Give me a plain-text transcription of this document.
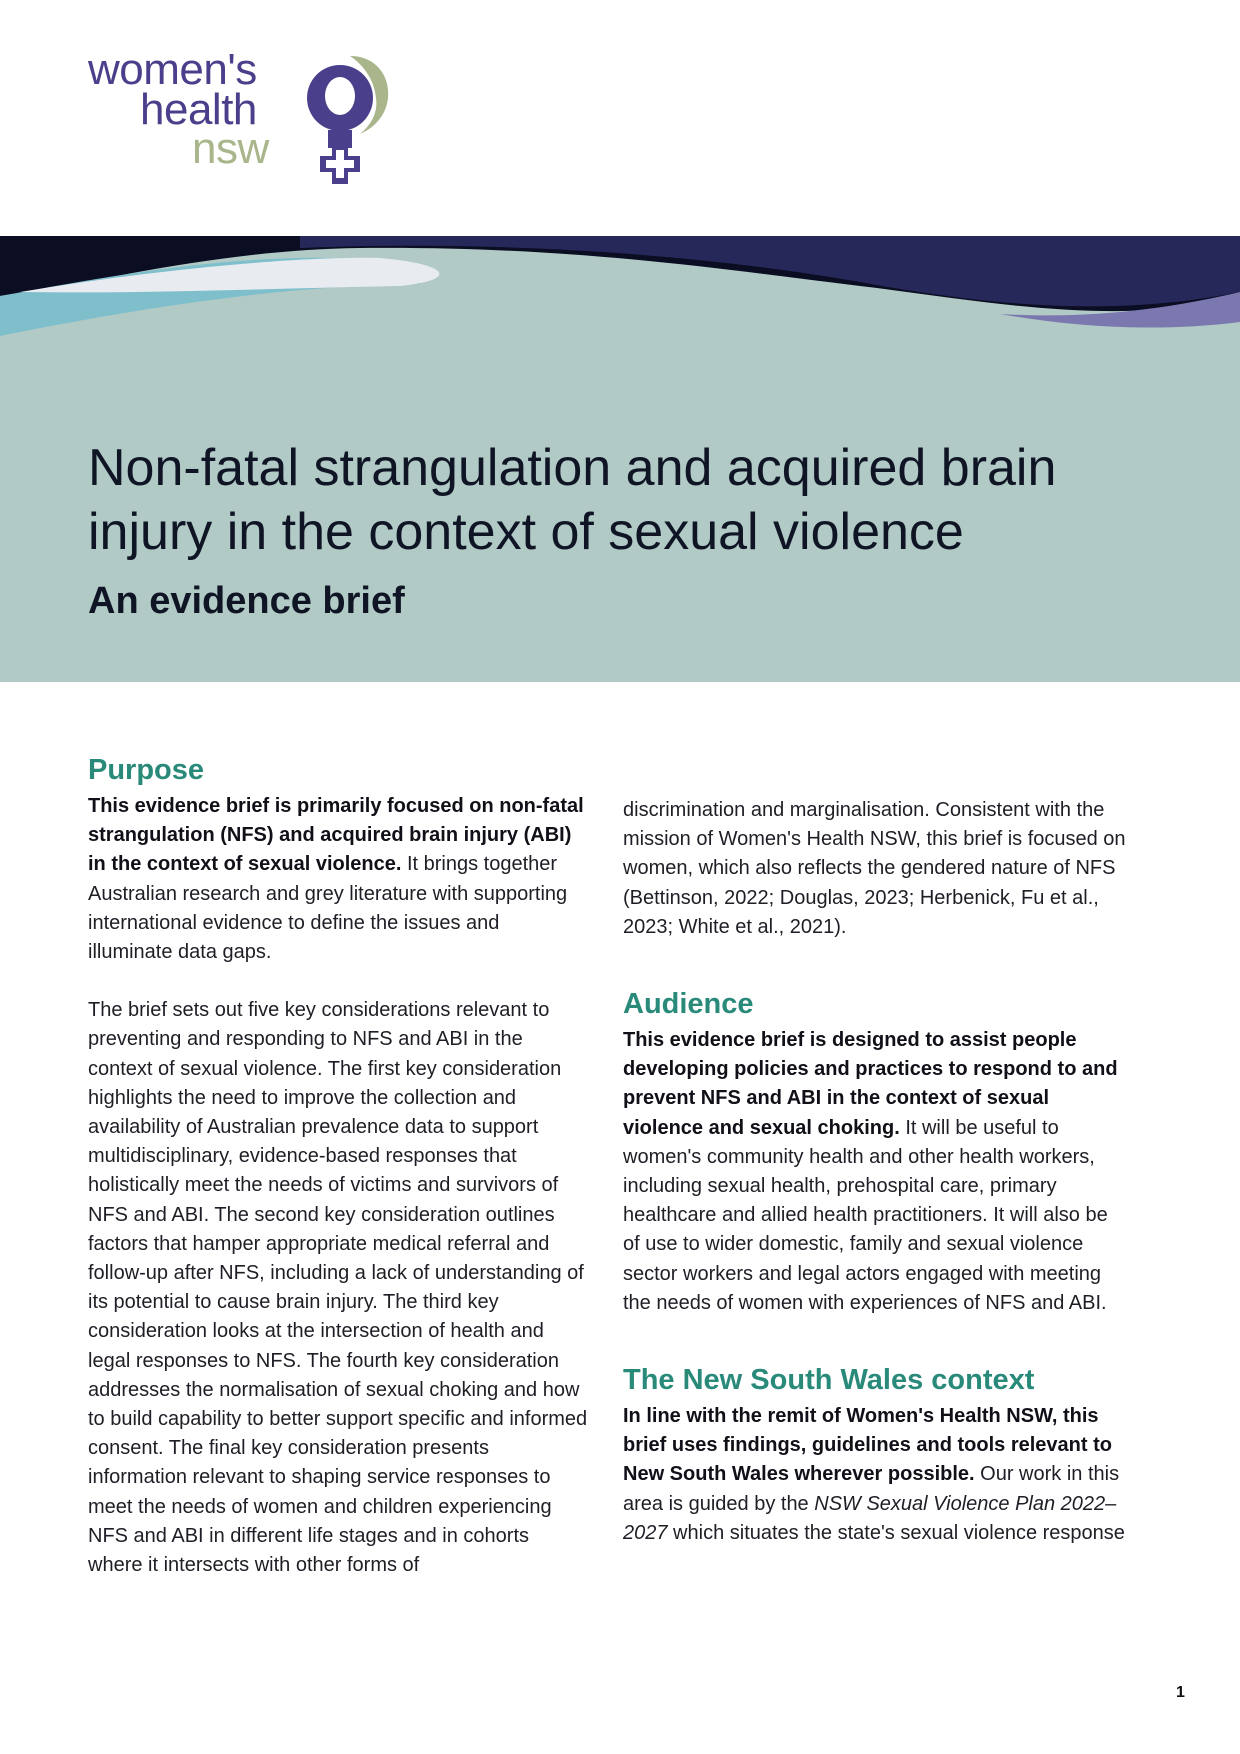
women's
health
nsw
Non-fatal strangulation and acquired brain injury in the context of sexual violence
An evidence brief
Purpose

This evidence brief is primarily focused on non-fatal strangulation (NFS) and acquired brain injury (ABI) in the context of sexual violence. It brings together Australian research and grey literature with supporting international evidence to define the issues and illuminate data gaps.

The brief sets out five key considerations relevant to preventing and responding to NFS and ABI in the context of sexual violence. The first key consideration highlights the need to improve the collection and availability of Australian prevalence data to support multidisciplinary, evidence-based responses that holistically meet the needs of victims and survivors of NFS and ABI. The second key consideration outlines factors that hamper appropriate medical referral and follow-up after NFS, including a lack of understanding of its potential to cause brain injury. The third key consideration looks at the intersection of health and legal responses to NFS. The fourth key consideration addresses the normalisation of sexual choking and how to build capability to better support specific and informed consent. The final key consideration presents information relevant to shaping service responses to meet the needs of women and children experiencing NFS and ABI in different life stages and in cohorts where it intersects with other forms of

discrimination and marginalisation. Consistent with the mission of Women's Health NSW, this brief is focused on women, which also reflects the gendered nature of NFS (Bettinson, 2022; Douglas, 2023; Herbenick, Fu et al., 2023; White et al., 2021).

Audience

This evidence brief is designed to assist people developing policies and practices to respond to and prevent NFS and ABI in the context of sexual violence and sexual choking. It will be useful to women's community health and other health workers, including sexual health, prehospital care, primary healthcare and allied health practitioners. It will also be of use to wider domestic, family and sexual violence sector workers and legal actors engaged with meeting the needs of women with experiences of NFS and ABI.

The New South Wales context

In line with the remit of Women's Health NSW, this brief uses findings, guidelines and tools relevant to New South Wales wherever possible. Our work in this area is guided by the NSW Sexual Violence Plan 2022–2027 which situates the state's sexual violence response

1
